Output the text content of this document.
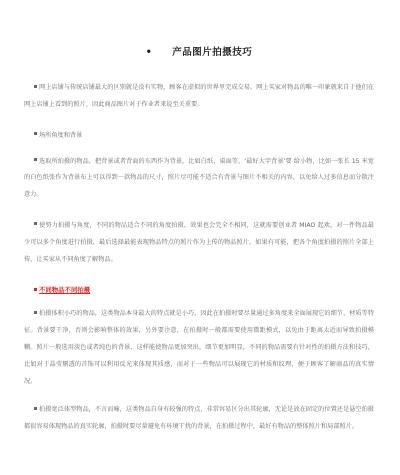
• 产品图片拍摄技巧

网上店铺与传统店铺最大的区别就是没有实物，顾客在虚拟的世界里完成交易。网上买家对物品的唯一印象就来自于他们在网上店铺上看到的照片，因此商品图片对于作业者来说至关重要。

场所角度和背景

选取所拍摄的物品，把背景或者背面的东西作为背景，比如白纸、桌面等，‘最好大字背景’要 给小物，比如一张长 15 米宽的白色纸张作为背景布上可以得到一款物品的尺寸，照片尽可能不适合有背景与图片不相关的内容，以免给人过多信息而分散注意力。

使努力拍摄与角度，不同的物品适合不同的角度拍摄，效果也会完全不相同，这就需要创业者 MIAO 起欢，对一件物品最少可以多个角度进行拍摄，最后选择最能表现物品特点的照片作为上传的物品照片。如果有可能，把各个角度拍摄的照片全部上传，让买家从不同角度了解物品。

不同物品不同拍摄

拍摄体积小巧的物品，这类物品本身最大的特点就是小巧，因此在拍摄时要尽量通过多角度来全面展现它的细节、材质等特征。背景要干净，否则会影响整体的效果，另外要注意，在拍摄时一般都需要使用微距模式，以免由于距离太近而导致拍摄模糊。照片一般选用淡色或者纯色的背景，这样能使物品更加突出，细节更加明显，不同的物品需要有针对性的拍摄方法和技巧，比如对于晶莹剔透的首饰可以利用反光来体现其质感，而对于一些物品可以展现它的材质和纹理，便于顾客了解商品的真实情况。

拍摄宽泛体型物品，不言而喻，这类物品自身有较强的特点，非常容易区分出其轮廓，无论是放在固定的位置还是悬空拍摄都很容易体现物品的真实轮廓，拍摄时要尽量避免有环境干扰的背景，在拍摄过程中，最好有物品的整体照片和局部照片。
